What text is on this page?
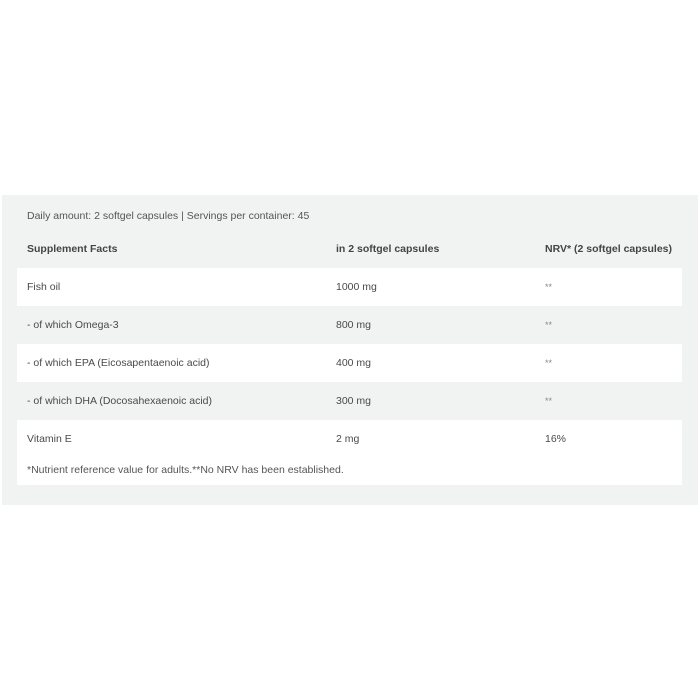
Daily amount: 2 softgel capsules | Servings per container: 45
Supplement Facts	in 2 softgel capsules	NRV* (2 softgel capsules)
Fish oil	1000 mg	**
- of which Omega-3	800 mg	**
- of which EPA (Eicosapentaenoic acid)	400 mg	**
- of which DHA (Docosahexaenoic acid)	300 mg	**
Vitamin E	2 mg	16%
*Nutrient reference value for adults.**No NRV has been established.
